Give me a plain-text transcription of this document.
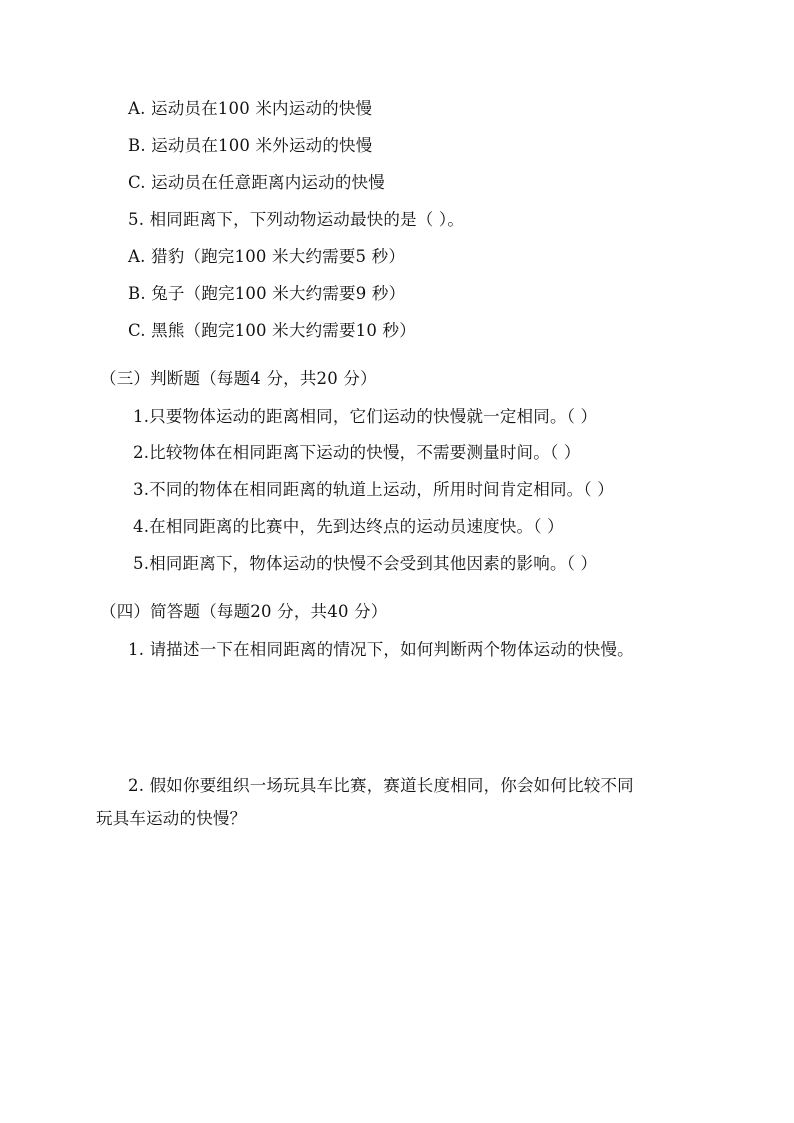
A. 运动员在100 米内运动的快慢
B. 运动员在100 米外运动的快慢
C. 运动员在任意距离内运动的快慢
5. 相同距离下，下列动物运动最快的是（ ）。
A. 猎豹（跑完100 米大约需要5 秒）
B. 兔子（跑完100 米大约需要9 秒）
C. 黑熊（跑完100 米大约需要10 秒）
（三）判断题（每题4 分，共20 分）
1.只要物体运动的距离相同，它们运动的快慢就一定相同。（ ）
2.比较物体在相同距离下运动的快慢，不需要测量时间。（ ）
3.不同的物体在相同距离的轨道上运动，所用时间肯定相同。（ ）
4.在相同距离的比赛中，先到达终点的运动员速度快。（ ）
5.相同距离下，物体运动的快慢不会受到其他因素的影响。（ ）
（四）简答题（每题20 分，共40 分）
1. 请描述一下在相同距离的情况下，如何判断两个物体运动的快慢。
2. 假如你要组织一场玩具车比赛，赛道长度相同，你会如何比较不同
玩具车运动的快慢？
